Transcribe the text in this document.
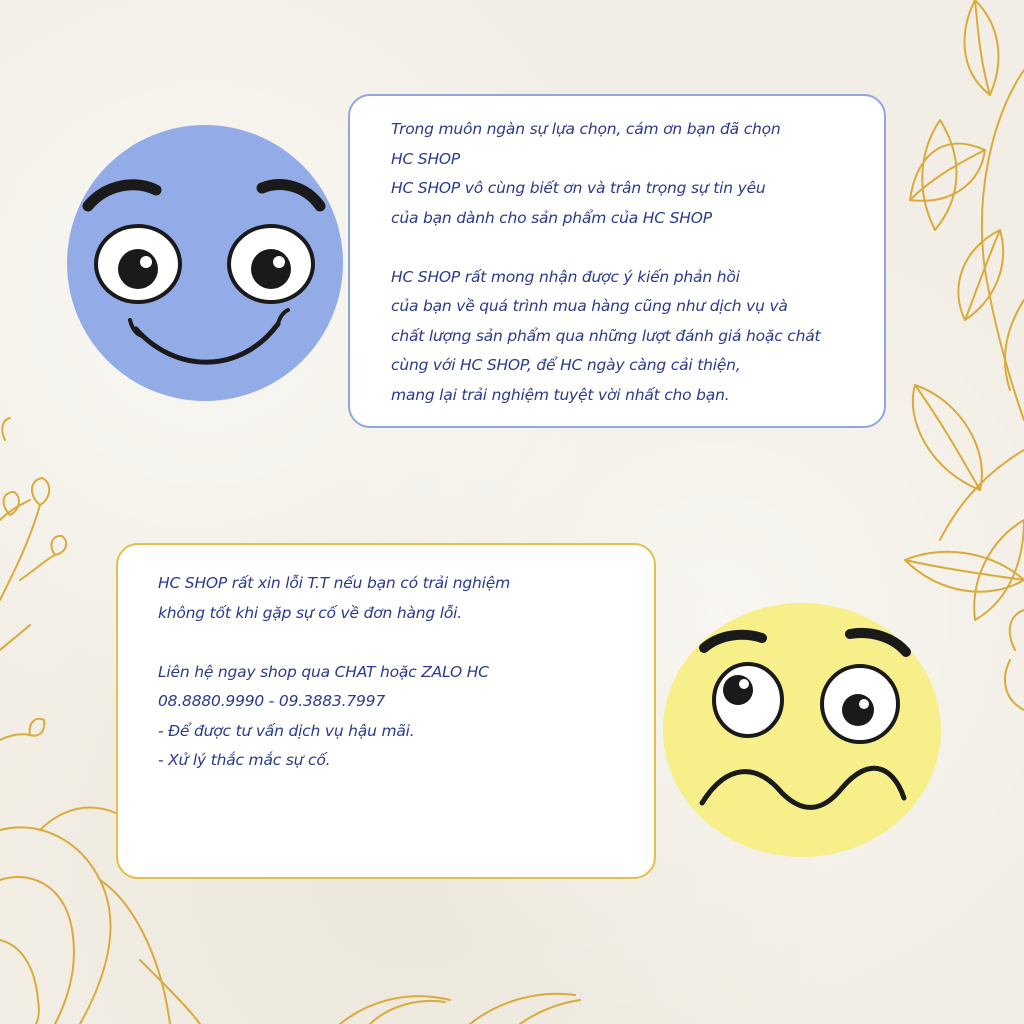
Trong muôn ngàn sự lựa chọn, cám ơn bạn đã chọn
HC SHOP
HC SHOP vô cùng biết ơn và trân trọng sự tin yêu
của bạn dành cho sản phẩm của HC SHOP
HC SHOP rất mong nhận được ý kiến phản hồi
của bạn về quá trình mua hàng cũng như dịch vụ và
chất lượng sản phẩm qua những lượt đánh giá hoặc chát
cùng với HC SHOP, để HC ngày càng cải thiện,
mang lại trải nghiệm tuyệt vời nhất cho bạn.
HC SHOP rất xin lỗi T.T nếu bạn có trải nghiệm
không tốt khi gặp sự cố về đơn hàng lỗi.
Liên hệ ngay shop qua CHAT hoặc ZALO HC
08.8880.9990 - 09.3883.7997
- Để được tư vấn dịch vụ hậu mãi.
- Xử lý thắc mắc sự cố.
